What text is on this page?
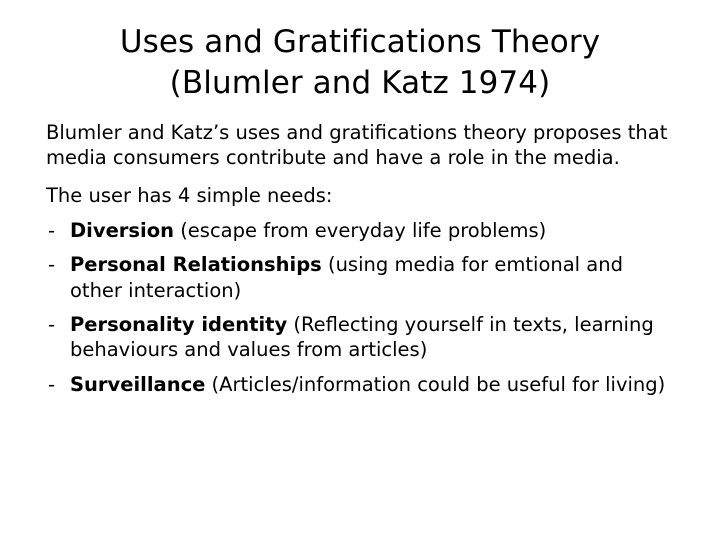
Uses and Gratifications Theory
(Blumler and Katz 1974)

Blumler and Katz’s uses and gratifications theory proposes that media consumers contribute and have a role in the media.

The user has 4 simple needs:

- Diversion (escape from everyday life problems)
- Personal Relationships (using media for emtional and other interaction)
- Personality identity (Reflecting yourself in texts, learning behaviours and values from articles)
- Surveillance (Articles/information could be useful for living)
